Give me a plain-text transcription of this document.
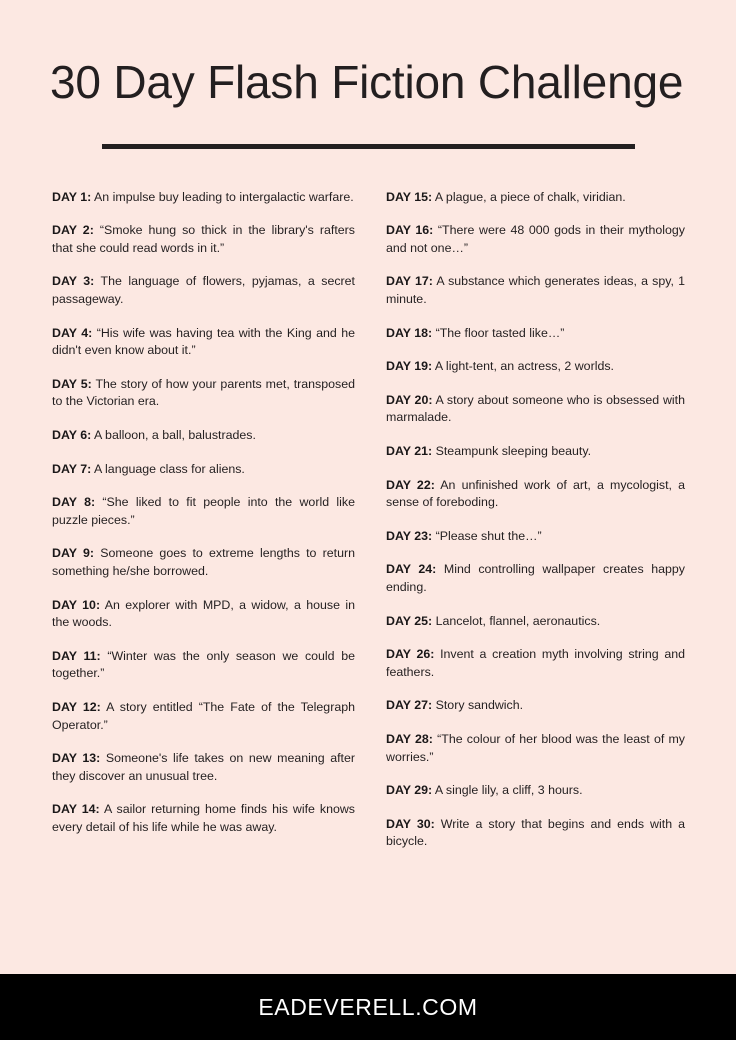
30 Day Flash Fiction Challenge

DAY 1: An impulse buy leading to intergalactic warfare.

DAY 2: “Smoke hung so thick in the library's rafters that she could read words in it.”

DAY 3: The language of flowers, pyjamas, a secret passageway.

DAY 4: “His wife was having tea with the King and he didn't even know about it.”

DAY 5: The story of how your parents met, transposed to the Victorian era.

DAY 6: A balloon, a ball, balustrades.

DAY 7: A language class for aliens.

DAY 8: “She liked to fit people into the world like puzzle pieces.”

DAY 9: Someone goes to extreme lengths to return something he/she borrowed.

DAY 10: An explorer with MPD, a widow, a house in the woods.

DAY 11: “Winter was the only season we could be together.”

DAY 12: A story entitled “The Fate of the Telegraph Operator.”

DAY 13: Someone's life takes on new meaning after they discover an unusual tree.

DAY 14: A sailor returning home finds his wife knows every detail of his life while he was away.

DAY 15: A plague, a piece of chalk, viridian.

DAY 16: “There were 48 000 gods in their mythology and not one…”

DAY 17: A substance which generates ideas, a spy, 1 minute.

DAY 18: “The floor tasted like…”

DAY 19: A light-tent, an actress, 2 worlds.

DAY 20: A story about someone who is obsessed with marmalade.

DAY 21: Steampunk sleeping beauty.

DAY 22: An unfinished work of art, a mycologist, a sense of foreboding.

DAY 23: “Please shut the…”

DAY 24: Mind controlling wallpaper creates happy ending.

DAY 25: Lancelot, flannel, aeronautics.

DAY 26: Invent a creation myth involving string and feathers.

DAY 27: Story sandwich.

DAY 28: “The colour of her blood was the least of my worries.”

DAY 29: A single lily, a cliff, 3 hours.

DAY 30: Write a story that begins and ends with a bicycle.

EADEVERELL.COM
